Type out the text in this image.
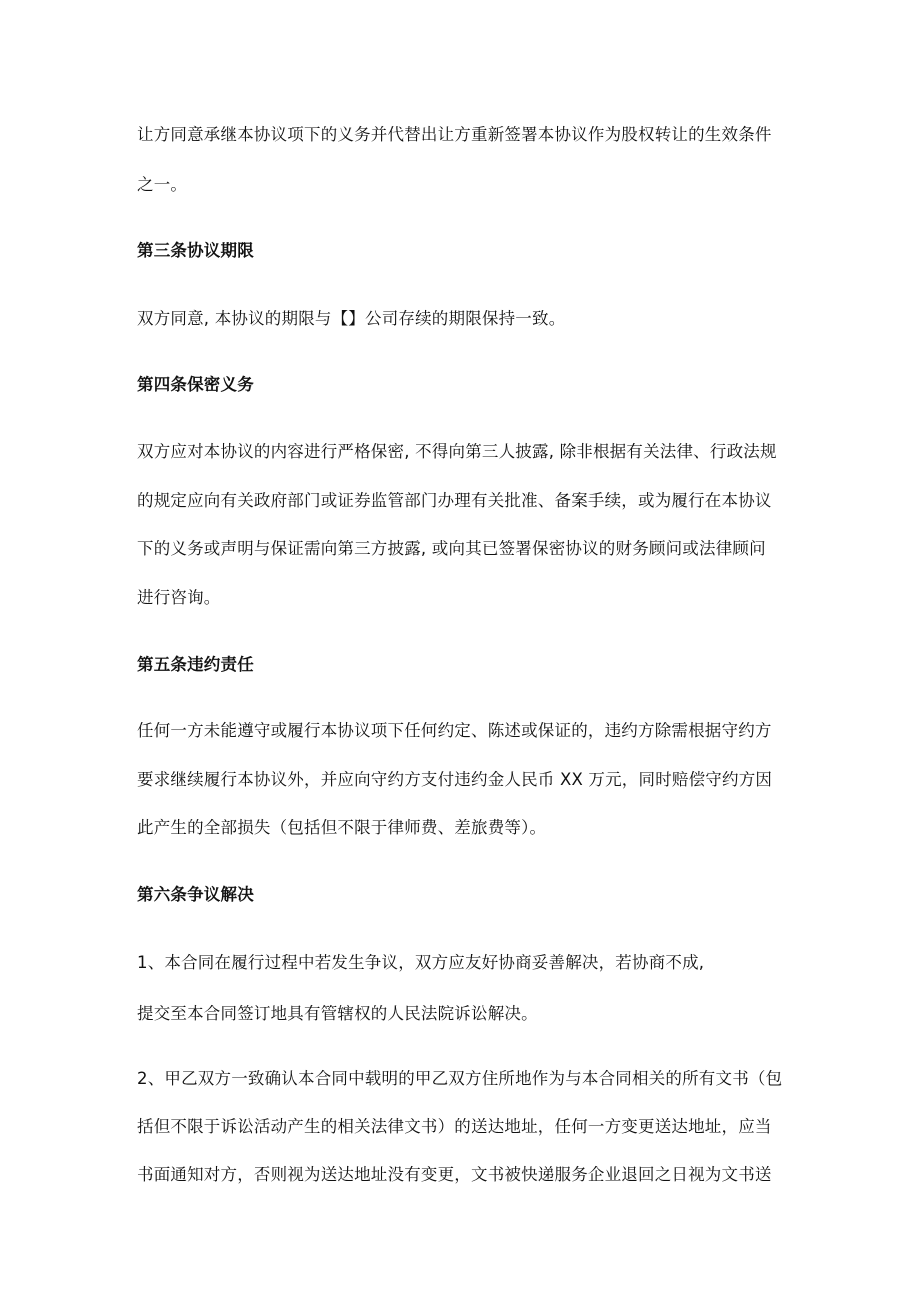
让方同意承继本协议项下的义务并代替出让方重新签署本协议作为股权转让的生效条件
之一。
第三条协议期限
双方同意, 本协议的期限与【】公司存续的期限保持一致。
第四条保密义务
双方应对本协议的内容进行严格保密, 不得向第三人披露, 除非根据有关法律、行政法规
的规定应向有关政府部门或证券监管部门办理有关批准、备案手续，或为履行在本协议
下的义务或声明与保证需向第三方披露, 或向其已签署保密协议的财务顾问或法律顾问
进行咨询。
第五条违约责任
任何一方未能遵守或履行本协议项下任何约定、陈述或保证的，违约方除需根据守约方
要求继续履行本协议外，并应向守约方支付违约金人民币 XX 万元，同时赔偿守约方因
此产生的全部损失（包括但不限于律师费、差旅费等）。
第六条争议解决
1、本合同在履行过程中若发生争议，双方应友好协商妥善解决，若协商不成,
提交至本合同签订地具有管辖权的人民法院诉讼解决。
2、甲乙双方一致确认本合同中载明的甲乙双方住所地作为与本合同相关的所有文书（包
括但不限于诉讼活动产生的相关法律文书）的送达地址，任何一方变更送达地址，应当
书面通知对方，否则视为送达地址没有变更，文书被快递服务企业退回之日视为文书送
